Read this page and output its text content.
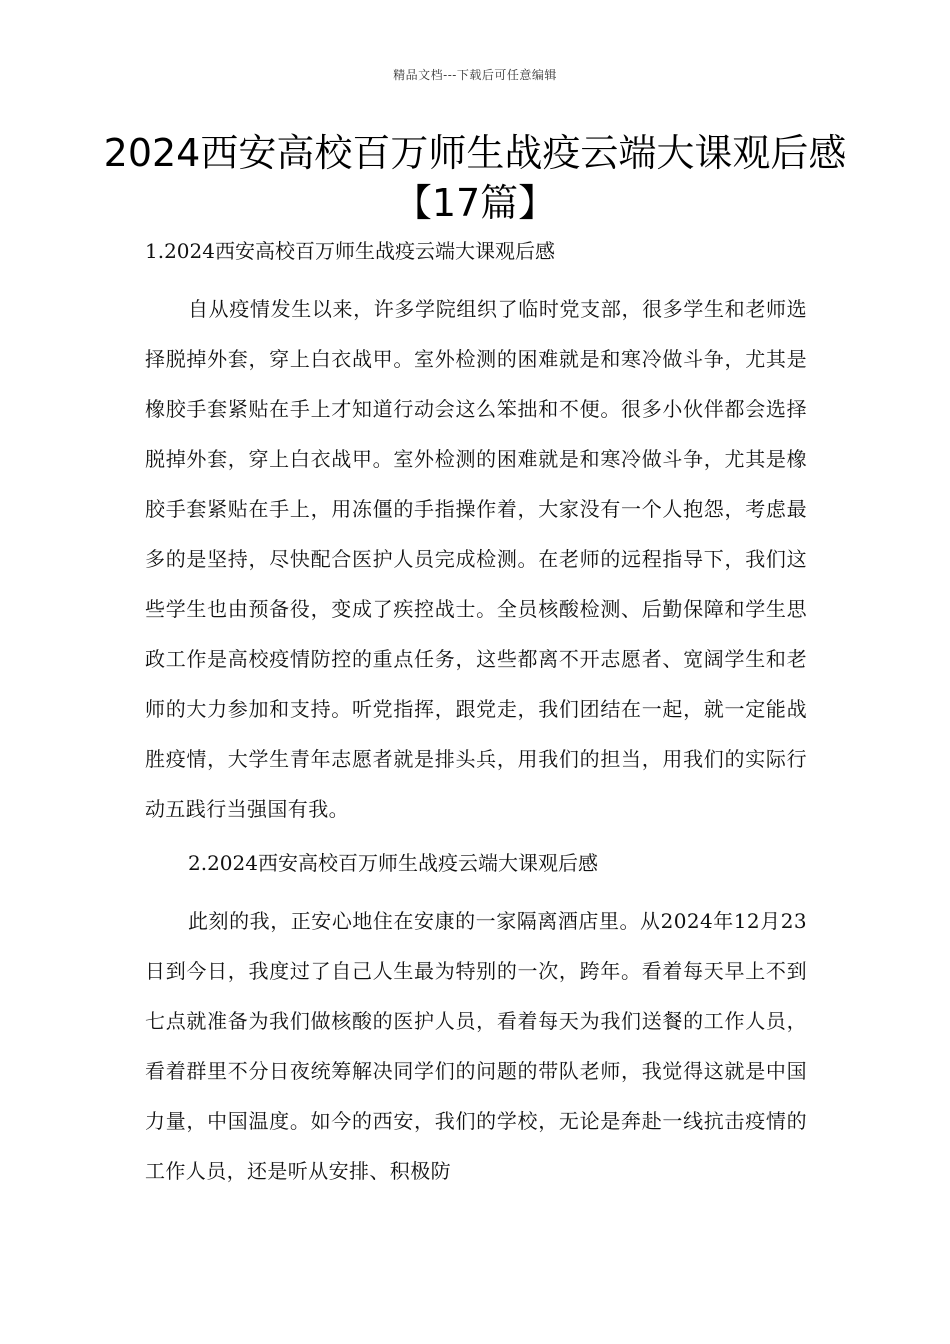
精品文档---下载后可任意编辑
2024西安高校百万师生战疫云端大课观后感【17篇】

1.2024西安高校百万师生战疫云端大课观后感

自从疫情发生以来，许多学院组织了临时党支部，很多学生和老师选择脱掉外套，穿上白衣战甲。室外检测的困难就是和寒冷做斗争，尤其是橡胶手套紧贴在手上才知道行动会这么笨拙和不便。很多小伙伴都会选择脱掉外套，穿上白衣战甲。室外检测的困难就是和寒冷做斗争，尤其是橡胶手套紧贴在手上，用冻僵的手指操作着，大家没有一个人抱怨，考虑最多的是坚持，尽快配合医护人员完成检测。在老师的远程指导下，我们这些学生也由预备役，变成了疾控战士。全员核酸检测、后勤保障和学生思政工作是高校疫情防控的重点任务，这些都离不开志愿者、宽阔学生和老师的大力参加和支持。听党指挥，跟党走，我们团结在一起，就一定能战胜疫情，大学生青年志愿者就是排头兵，用我们的担当，用我们的实际行动五践行当强国有我。

2.2024西安高校百万师生战疫云端大课观后感

此刻的我，正安心地住在安康的一家隔离酒店里。从2024年12月23日到今日，我度过了自己人生最为特别的一次，跨年。看着每天早上不到七点就准备为我们做核酸的医护人员，看着每天为我们送餐的工作人员，看着群里不分日夜统筹解决同学们的问题的带队老师，我觉得这就是中国力量，中国温度。如今的西安，我们的学校，无论是奔赴一线抗击疫情的工作人员，还是听从安排、积极防
